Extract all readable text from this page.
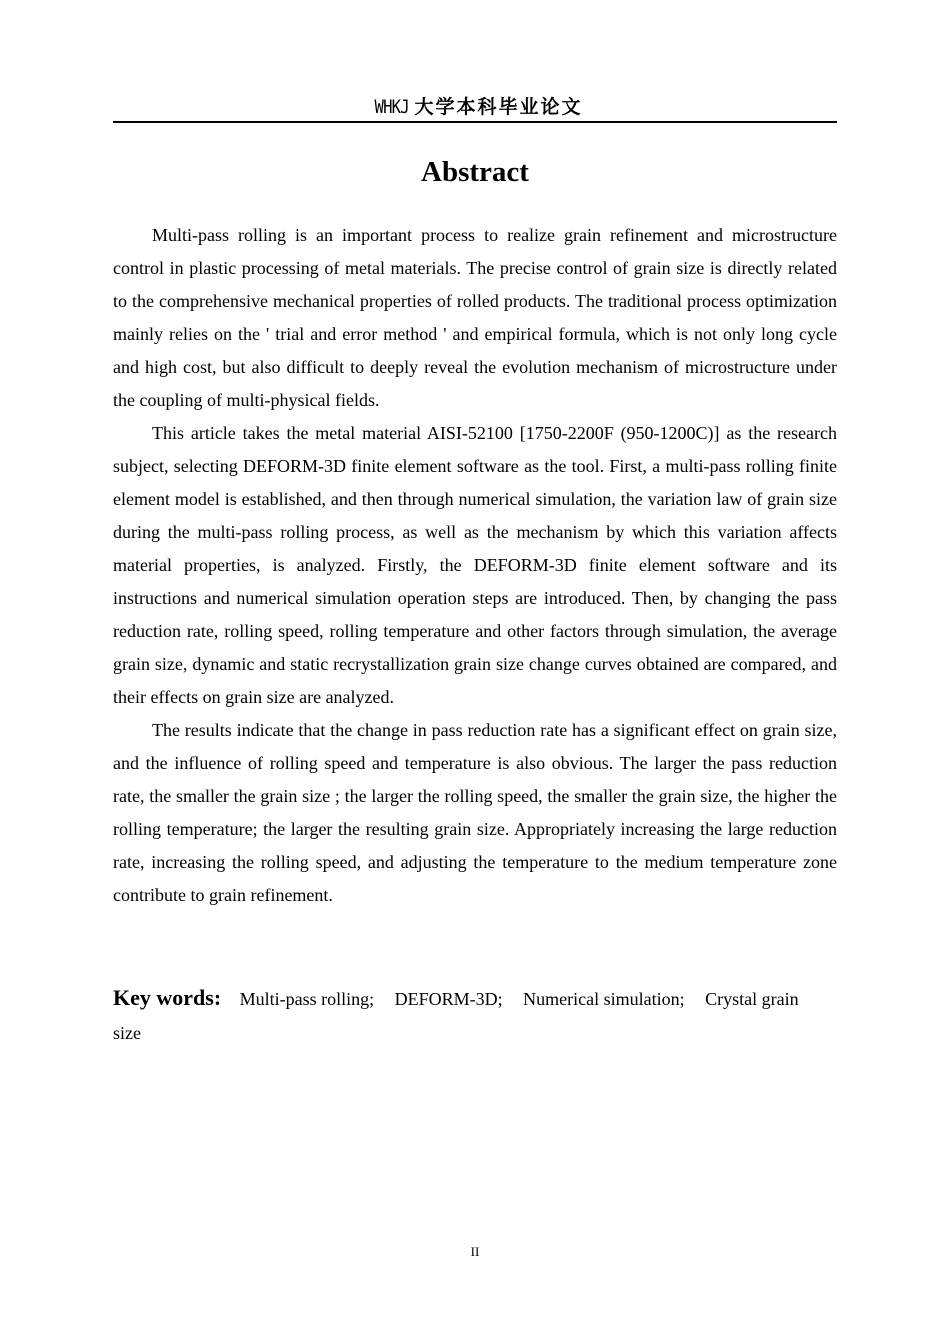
WHKJ 大学本科毕业论文
Abstract

Multi-pass rolling is an important process to realize grain refinement and microstructure control in plastic processing of metal materials. The precise control of grain size is directly related to the comprehensive mechanical properties of rolled products. The traditional process optimization mainly relies on the ' trial and error method ' and empirical formula, which is not only long cycle and high cost, but also difficult to deeply reveal the evolution mechanism of microstructure under the coupling of multi-physical fields.

This article takes the metal material AISI-52100 [1750-2200F (950-1200C)] as the research subject, selecting DEFORM-3D finite element software as the tool. First, a multi-pass rolling finite element model is established, and then through numerical simulation, the variation law of grain size during the multi-pass rolling process, as well as the mechanism by which this variation affects material properties, is analyzed. Firstly, the DEFORM-3D finite element software and its instructions and numerical simulation operation steps are introduced. Then, by changing the pass reduction rate, rolling speed, rolling temperature and other factors through simulation, the average grain size, dynamic and static recrystallization grain size change curves obtained are compared, and their effects on grain size are analyzed.

The results indicate that the change in pass reduction rate has a significant effect on grain size, and the influence of rolling speed and temperature is also obvious. The larger the pass reduction rate, the smaller the grain size ; the larger the rolling speed, the smaller the grain size, the higher the rolling temperature; the larger the resulting grain size. Appropriately increasing the large reduction rate, increasing the rolling speed, and adjusting the temperature to the medium temperature zone contribute to grain refinement.

Key words: Multi-pass rolling; DEFORM-3D; Numerical simulation; Crystal grain size
II
